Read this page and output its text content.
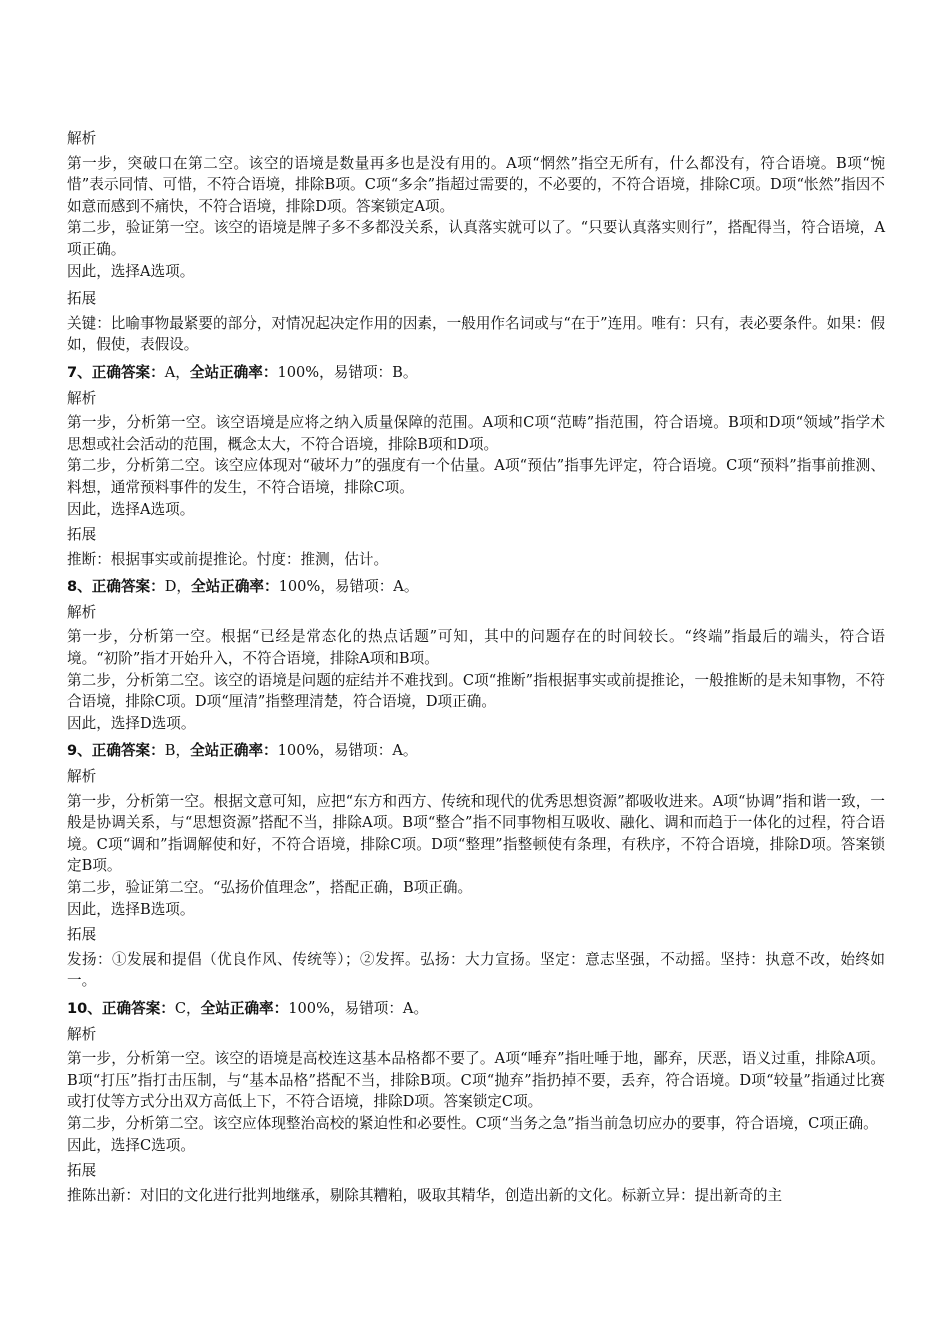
解析

第一步，突破口在第二空。该空的语境是数量再多也是没有用的。A项“惘然”指空无所有，什么都没有，符合语境。B项“惋惜”表示同情、可惜，不符合语境，排除B项。C项“多余”指超过需要的，不必要的，不符合语境，排除C项。D项“怅然”指因不如意而感到不痛快，不符合语境，排除D项。答案锁定A项。

第二步，验证第一空。该空的语境是牌子多不多都没关系，认真落实就可以了。“只要认真落实则行”，搭配得当，符合语境，A项正确。

因此，选择A选项。

拓展

关键：比喻事物最紧要的部分，对情况起决定作用的因素，一般用作名词或与“在于”连用。唯有：只有，表必要条件。如果：假如，假使，表假设。

7、正确答案：A，全站正确率：100%，易错项：B。
解析

第一步，分析第一空。该空语境是应将之纳入质量保障的范围。A项和C项“范畴”指范围，符合语境。B项和D项“领域”指学术思想或社会活动的范围，概念太大，不符合语境，排除B项和D项。

第二步，分析第二空。该空应体现对“破坏力”的强度有一个估量。A项“预估”指事先评定，符合语境。C项“预料”指事前推测、料想，通常预料事件的发生，不符合语境，排除C项。

因此，选择A选项。

拓展

推断：根据事实或前提推论。忖度：推测，估计。

8、正确答案：D，全站正确率：100%，易错项：A。
解析

第一步，分析第一空。根据“已经是常态化的热点话题”可知，其中的问题存在的时间较长。“终端”指最后的端头，符合语境。“初阶”指才开始升入，不符合语境，排除A项和B项。

第二步，分析第二空。该空的语境是问题的症结并不难找到。C项“推断”指根据事实或前提推论，一般推断的是未知事物，不符合语境，排除C项。D项“厘清”指整理清楚，符合语境，D项正确。

因此，选择D选项。

9、正确答案：B，全站正确率：100%，易错项：A。
解析

第一步，分析第一空。根据文意可知，应把“东方和西方、传统和现代的优秀思想资源”都吸收进来。A项“协调”指和谐一致，一般是协调关系，与“思想资源”搭配不当，排除A项。B项“整合”指不同事物相互吸收、融化、调和而趋于一体化的过程，符合语境。C项“调和”指调解使和好，不符合语境，排除C项。D项“整理”指整顿使有条理，有秩序，不符合语境，排除D项。答案锁定B项。

第二步，验证第二空。“弘扬价值理念”，搭配正确，B项正确。

因此，选择B选项。

拓展

发扬：①发展和提倡（优良作风、传统等）；②发挥。弘扬：大力宣扬。坚定：意志坚强，不动摇。坚持：执意不改，始终如一。

10、正确答案：C，全站正确率：100%，易错项：A。
解析

第一步，分析第一空。该空的语境是高校连这基本品格都不要了。A项“唾弃”指吐唾于地，鄙弃，厌恶，语义过重，排除A项。B项“打压”指打击压制，与“基本品格”搭配不当，排除B项。C项“抛弃”指扔掉不要，丢弃，符合语境。D项“较量”指通过比赛或打仗等方式分出双方高低上下，不符合语境，排除D项。答案锁定C项。

第二步，分析第二空。该空应体现整治高校的紧迫性和必要性。C项“当务之急”指当前急切应办的要事，符合语境，C项正确。

因此，选择C选项。

拓展

推陈出新：对旧的文化进行批判地继承，剔除其糟粕，吸取其精华，创造出新的文化。标新立异：提出新奇的主
